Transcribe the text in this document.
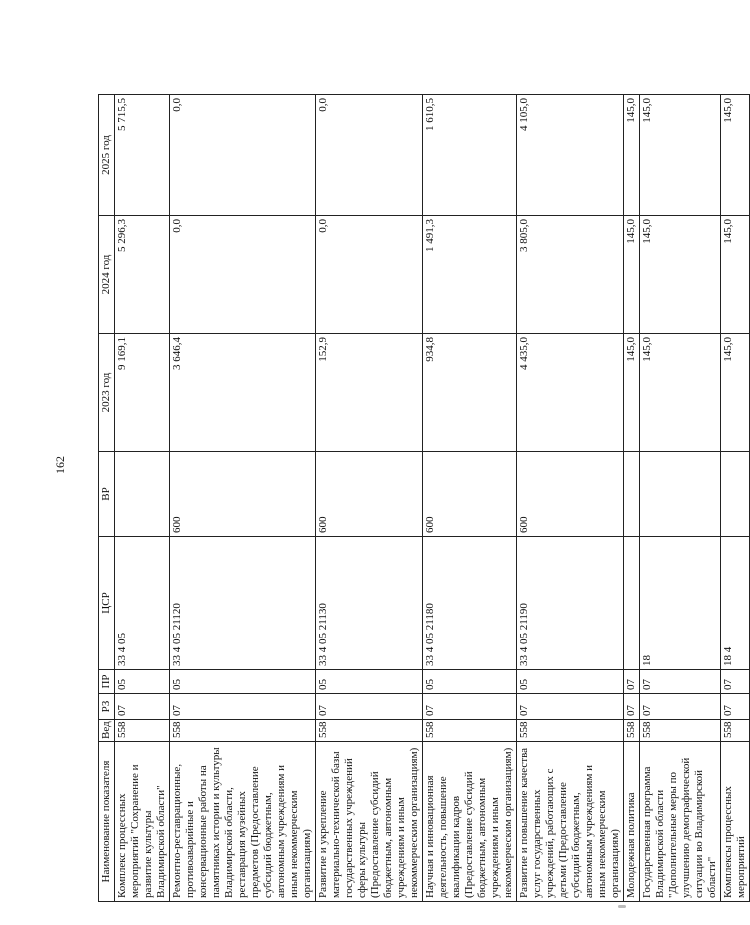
162
Наименование показателя	Вед	РЗ	ПР	ЦСР	ВР	2023 год	2024 год	2025 год
Комплекс процессных мероприятий "Сохранение и развитие культуры Владимирской области"	558	07	05	33 4 05		9 169,1	5 296,3	5 715,5
Ремонтно-реставрационные, противоаварийные и консервационные работы на памятниках истории и культуры Владимирской области, реставрация музейных предметов (Предоставление субсидий бюджетным, автономным учреждениям и иным некоммерческим организациям)	558	07	05	33 4 05 21120	600	3 646,4	0,0	0,0
Развитие и укрепление материально-технической базы государственных учреждений сферы культуры (Предоставление субсидий бюджетным, автономным учреждениям и иным некоммерческим организациям)	558	07	05	33 4 05 21130	600	152,9	0,0	0,0
Научная и инновационная деятельность, повышение квалификации кадров (Предоставление субсидий бюджетным, автономным учреждениям и иным некоммерческим организациям)	558	07	05	33 4 05 21180	600	934,8	1 491,3	1 610,5
Развитие и повышение качества услуг государственных учреждений, работающих с детьми (Предоставление субсидий бюджетным, автономным учреждениям и иным некоммерческим организациям)	558	07	05	33 4 05 21190	600	4 435,0	3 805,0	4 105,0
Молодежная политика	558	07	07			145,0	145,0	145,0
Государственная программа Владимирской области "Дополнительные меры по улучшению демографической ситуации во Владимирской области"	558	07	07	18		145,0	145,0	145,0
Комплексы процессных мероприятий	558	07	07	18 4		145,0	145,0	145,0
